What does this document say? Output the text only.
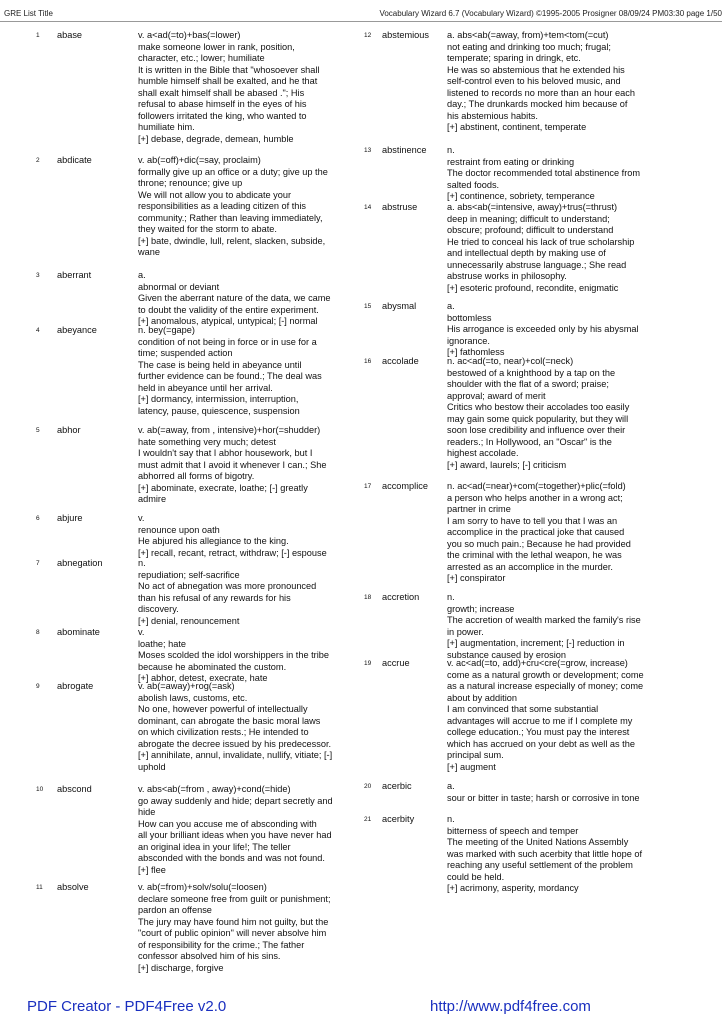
GRE List Title	Vocabulary Wizard 6.7 (Vocabulary Wizard) ©1995-2005 Prosigner 08/09/24 PM03:30 page 1/50
1	abase	v. a<ad(=to)+bas(=lower)
make someone lower in rank, position,
character, etc.; lower; humiliate
It is written in the Bible that "whosoever shall
humble himself shall be exalted, and he that
shall exalt himself shall be abased ."; His
refusal to abase himself in the eyes of his
followers irritated the king, who wanted to
humiliate him.
[+] debase, degrade, demean, humble
2	abdicate	v. ab(=off)+dic(=say, proclaim)
formally give up an office or a duty; give up the
throne; renounce; give up
We will not allow you to abdicate your
responsibilities as a leading citizen of this
community.; Rather than leaving immediately,
they waited for the storm to abate.
[+] bate, dwindle, lull, relent, slacken, subside,
wane
3	aberrant	a.
abnormal or deviant
Given the aberrant nature of the data, we came
to doubt the validity of the entire experiment.
[+] anomalous, atypical, untypical; [-] normal
4	abeyance	n. bey(=gape)
condition of not being in force or in use for a
time; suspended action
The case is being held in abeyance until
further evidence can be found.; The deal was
held in abeyance until her arrival.
[+] dormancy, intermission, interruption,
latency, pause, quiescence, suspension
5	abhor	v. ab(=away, from , intensive)+hor(=shudder)
hate something very much; detest
I wouldn't say that I abhor housework, but I
must admit that I avoid it whenever I can.; She
abhorred all forms of bigotry.
[+] abominate, execrate, loathe; [-] greatly
admire
6	abjure	v.
renounce upon oath
He abjured his allegiance to the king.
[+] recall, recant, retract, withdraw; [-] espouse
7	abnegation	n.
repudiation; self-sacrifice
No act of abnegation was more pronounced
than his refusal of any rewards for his
discovery.
[+] denial, renouncement
8	abominate	v.
loathe; hate
Moses scolded the idol worshippers in the tribe
because he abominated the custom.
[+] abhor, detest, execrate, hate
9	abrogate	v. ab(=away)+rog(=ask)
abolish laws, customs, etc.
No one, however powerful of intellectually
dominant, can abrogate the basic moral laws
on which civilization rests.; He intended to
abrogate the decree issued by his predecessor.
[+] annihilate, annul, invalidate, nullify, vitiate; [-]
uphold
10	abscond	v. abs<ab(=from , away)+cond(=hide)
go away suddenly and hide; depart secretly and
hide
How can you accuse me of absconding with
all your brilliant ideas when you have never had
an original idea in your life!; The teller
absconded with the bonds and was not found.
[+] flee
11	absolve	v. ab(=from)+solv/solu(=loosen)
declare someone free from guilt or punishment;
pardon an offense
The jury may have found him not guilty, but the
"court of public opinion" will never absolve him
of responsibility for the crime.; The father
confessor absolved him of his sins.
[+] discharge, forgive
12	abstemious	a. abs<ab(=away, from)+tem<tom(=cut)
not eating and drinking too much; frugal;
temperate; sparing in dringk, etc.
He was so abstemious that he extended his
self-control even to his beloved music, and
listened to records no more than an hour each
day.; The drunkards mocked him because of
his abstemious habits.
[+] abstinent, continent, temperate
13	abstinence	n.
restraint from eating or drinking
The doctor recommended total abstinence from
salted foods.
[+] continence, sobriety, temperance
14	abstruse	a. abs<ab(=intensive, away)+trus(=thrust)
deep in meaning; difficult to understand;
obscure; profound; difficult to understand
He tried to conceal his lack of true scholarship
and intellectual depth by making use of
unnecessarily abstruse language.; She read
abstruse works in philosophy.
[+] esoteric profound, recondite, enigmatic
15	abysmal	a.
bottomless
His arrogance is exceeded only by his abysmal
ignorance.
[+] fathomless
16	accolade	n. ac<ad(=to, near)+col(=neck)
bestowed of a knighthood by a tap on the
shoulder with the flat of a sword; praise;
approval; award of merit
Critics who bestow their accolades too easily
may gain some quick popularity, but they will
soon lose credibility and influence over their
readers.; In Hollywood, an "Oscar" is the
highest accolade.
[+] award, laurels; [-] criticism
17	accomplice	n. ac<ad(=near)+com(=together)+plic(=fold)
a person who helps another in a wrong act;
partner in crime
I am sorry to have to tell you that I was an
accomplice in the practical joke that caused
you so much pain.; Because he had provided
the criminal with the lethal weapon, he was
arrested as an accomplice in the murder.
[+] conspirator
18	accretion	n.
growth; increase
The accretion of wealth marked the family's rise
in power.
[+] augmentation, increment; [-] reduction in
substance caused by erosion
19	accrue	v. ac<ad(=to, add)+cru<cre(=grow, increase)
come as a natural growth or development; come
as a natural increase especially of money; come
about by addition
I am convinced that some substantial
advantages will accrue to me if I complete my
college education.; You must pay the interest
which has accrued on your debt as well as the
principal sum.
[+] augment
20	acerbic	a.
sour or bitter in taste; harsh or corrosive in tone
21	acerbity	n.
bitterness of speech and temper
The meeting of the United Nations Assembly
was marked with such acerbity that little hope of
reaching any useful settlement of the problem
could be held.
[+] acrimony, asperity, mordancy
PDF Creator - PDF4Free v2.0	http://www.pdf4free.com
